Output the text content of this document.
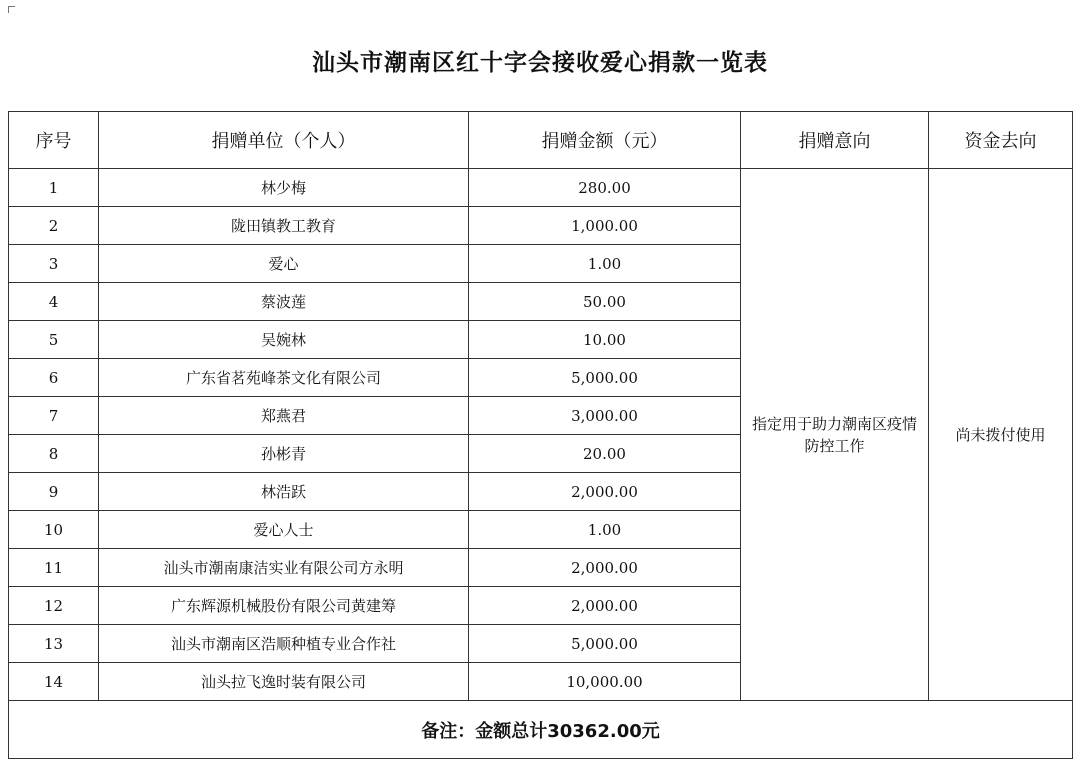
汕头市潮南区红十字会接收爱心捐款一览表
序号	捐赠单位（个人）	捐赠金额（元）	捐赠意向	资金去向
1	林少梅	280.00	指定用于助力潮南区疫情防控工作	尚未拨付使用
2	陇田镇教工教育	1,000.00		
3	爱心	1.00		
4	蔡波莲	50.00		
5	吴婉林	10.00		
6	广东省茗苑峰茶文化有限公司	5,000.00		
7	郑燕君	3,000.00		
8	孙彬青	20.00		
9	林浩跃	2,000.00		
10	爱心人士	1.00		
11	汕头市潮南康洁实业有限公司方永明	2,000.00		
12	广东辉源机械股份有限公司黄建筹	2,000.00		
13	汕头市潮南区浩顺种植专业合作社	5,000.00		
14	汕头拉飞逸时装有限公司	10,000.00		
备注：金额总计30362.00元				
